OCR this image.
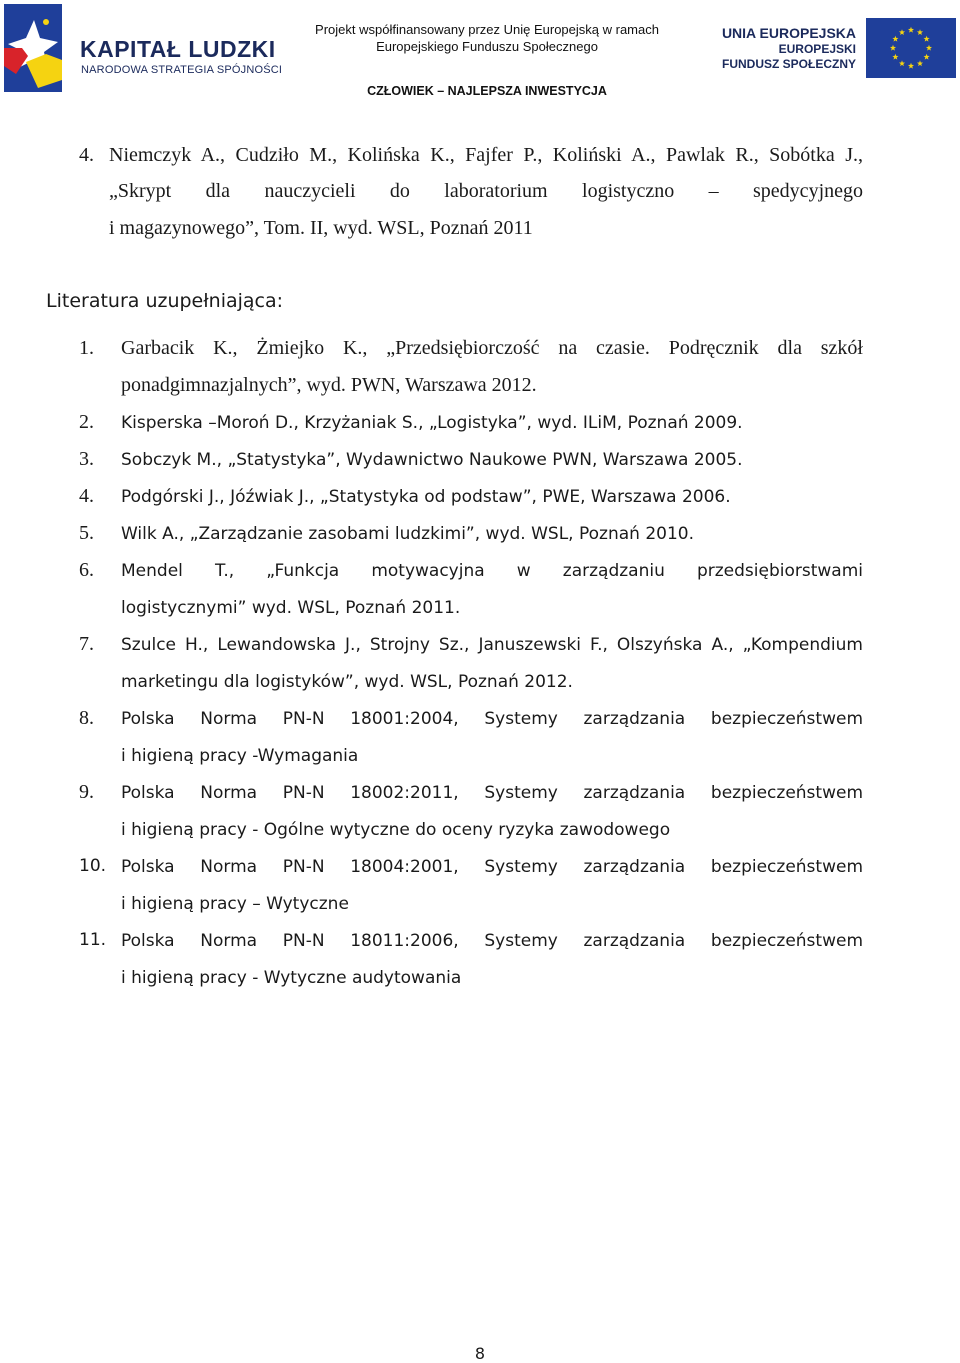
KAPITAŁ LUDZKI
NARODOWA STRATEGIA SPÓJNOŚCI
Projekt współfinansowany przez Unię Europejską w ramach
Europejskiego Funduszu Społecznego
CZŁOWIEK – NAJLEPSZA INWESTYCJA
UNIA EUROPEJSKA
EUROPEJSKI
FUNDUSZ SPOŁECZNY
4. Niemczyk A., Cudziło M., Kolińska K., Fajfer P., Koliński A., Pawlak R., Sobótka J.,
„Skrypt dla nauczycieli do laboratorium logistyczno – spedycyjnego
i magazynowego”, Tom. II, wyd. WSL, Poznań 2011
Literatura uzupełniająca:
1. Garbacik K., Żmiejko K., „Przedsiębiorczość na czasie. Podręcznik dla szkół
ponadgimnazjalnych”, wyd. PWN, Warszawa 2012.
2. Kisperska –Moroń D., Krzyżaniak S., „Logistyka”, wyd. ILiM, Poznań 2009.
3. Sobczyk M., „Statystyka”, Wydawnictwo Naukowe PWN, Warszawa 2005.
4. Podgórski J., Jóźwiak J., „Statystyka od podstaw”, PWE, Warszawa 2006.
5. Wilk A., „Zarządzanie zasobami ludzkimi”, wyd. WSL, Poznań 2010.
6. Mendel T., „Funkcja motywacyjna w zarządzaniu przedsiębiorstwami
logistycznymi” wyd. WSL, Poznań 2011.
7. Szulce H., Lewandowska J., Strojny Sz., Januszewski F., Olszyńska A., „Kompendium
marketingu dla logistyków”, wyd. WSL, Poznań 2012.
8. Polska Norma PN-N 18001:2004, Systemy zarządzania bezpieczeństwem
i higieną pracy -Wymagania
9. Polska Norma PN-N 18002:2011, Systemy zarządzania bezpieczeństwem
i higieną pracy - Ogólne wytyczne do oceny ryzyka zawodowego
10. Polska Norma PN-N 18004:2001, Systemy zarządzania bezpieczeństwem
i higieną pracy – Wytyczne
11. Polska Norma PN-N 18011:2006, Systemy zarządzania bezpieczeństwem
i higieną pracy - Wytyczne audytowania
8
